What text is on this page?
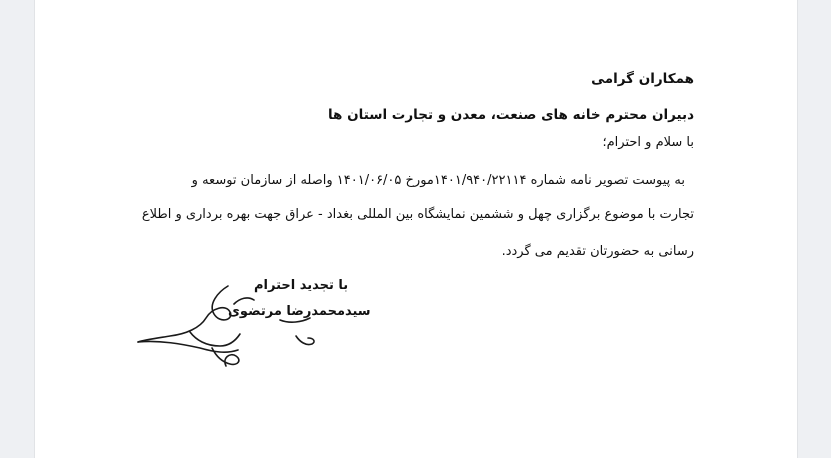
همکاران گرامی
دبیران محترم خانه های صنعت، معدن و تجارت استان ها
با سلام و احترام؛
به پیوست تصویر نامه شماره ۱۴۰۱/۹۴۰/۲۲۱۱۴مورخ ۱۴۰۱/۰۶/۰۵ واصله از سازمان توسعه و
تجارت با موضوع برگزاری چهل و ششمین نمایشگاه بین المللی بغداد - عراق جهت بهره برداری و اطلاع
رسانی به حضورتان تقدیم می گردد.
با تجدید احترام
سیدمحمدرضا مرتضوی
